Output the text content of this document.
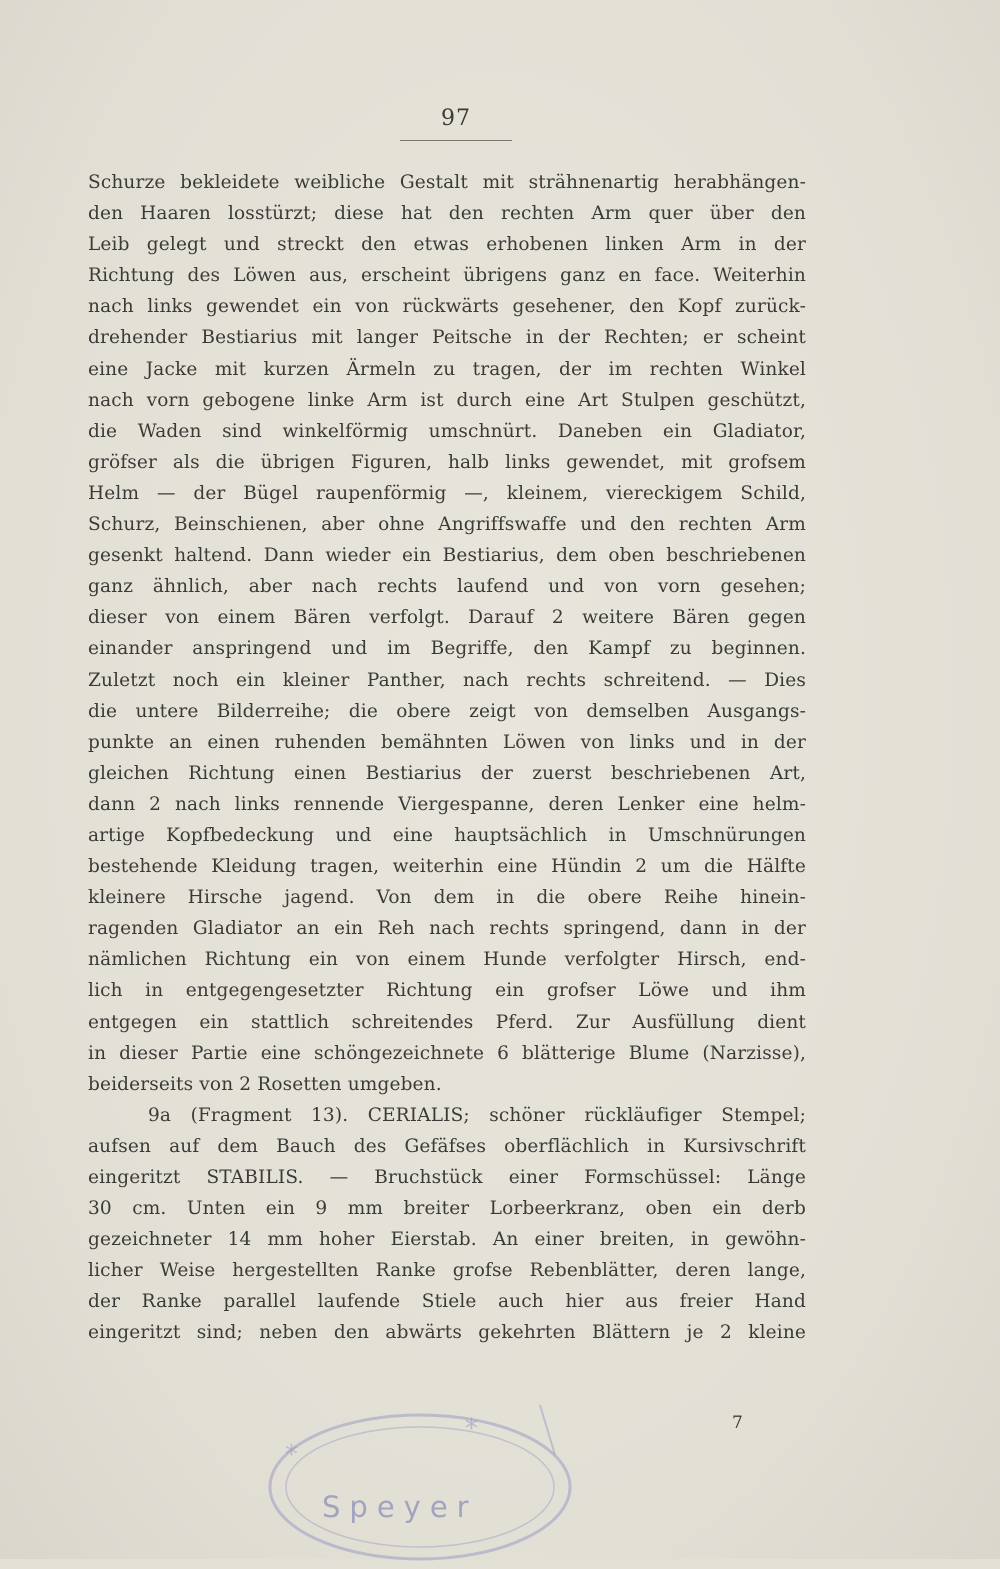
97
Schurze bekleidete weibliche Gestalt mit strähnenartig herabhängen-
den Haaren losstürzt; diese hat den rechten Arm quer über den
Leib gelegt und streckt den etwas erhobenen linken Arm in der
Richtung des Löwen aus, erscheint übrigens ganz en face. Weiterhin
nach links gewendet ein von rückwärts gesehener, den Kopf zurück-
drehender Bestiarius mit langer Peitsche in der Rechten; er scheint
eine Jacke mit kurzen Ärmeln zu tragen, der im rechten Winkel
nach vorn gebogene linke Arm ist durch eine Art Stulpen geschützt,
die Waden sind winkelförmig umschnürt. Daneben ein Gladiator,
gröfser als die übrigen Figuren, halb links gewendet, mit grofsem
Helm — der Bügel raupenförmig —, kleinem, viereckigem Schild,
Schurz, Beinschienen, aber ohne Angriffswaffe und den rechten Arm
gesenkt haltend. Dann wieder ein Bestiarius, dem oben beschriebenen
ganz ähnlich, aber nach rechts laufend und von vorn gesehen;
dieser von einem Bären verfolgt. Darauf 2 weitere Bären gegen
einander anspringend und im Begriffe, den Kampf zu beginnen.
Zuletzt noch ein kleiner Panther, nach rechts schreitend. — Dies
die untere Bilderreihe; die obere zeigt von demselben Ausgangs-
punkte an einen ruhenden bemähnten Löwen von links und in der
gleichen Richtung einen Bestiarius der zuerst beschriebenen Art,
dann 2 nach links rennende Viergespanne, deren Lenker eine helm-
artige Kopfbedeckung und eine hauptsächlich in Umschnürungen
bestehende Kleidung tragen, weiterhin eine Hündin 2 um die Hälfte
kleinere Hirsche jagend. Von dem in die obere Reihe hinein-
ragenden Gladiator an ein Reh nach rechts springend, dann in der
nämlichen Richtung ein von einem Hunde verfolgter Hirsch, end-
lich in entgegengesetzter Richtung ein grofser Löwe und ihm
entgegen ein stattlich schreitendes Pferd. Zur Ausfüllung dient
in dieser Partie eine schöngezeichnete 6 blätterige Blume (Narzisse),
beiderseits von 2 Rosetten umgeben.
9a (Fragment 13). CERIALIS; schöner rückläufiger Stempel;
aufsen auf dem Bauch des Gefäfses oberflächlich in Kursivschrift
eingeritzt STABILIS. — Bruchstück einer Formschüssel: Länge
30 cm. Unten ein 9 mm breiter Lorbeerkranz, oben ein derb
gezeichneter 14 mm hoher Eierstab. An einer breiten, in gewöhn-
licher Weise hergestellten Ranke grofse Rebenblätter, deren lange,
der Ranke parallel laufende Stiele auch hier aus freier Hand
eingeritzt sind; neben den abwärts gekehrten Blättern je 2 kleine
7
*
*
Speyer
